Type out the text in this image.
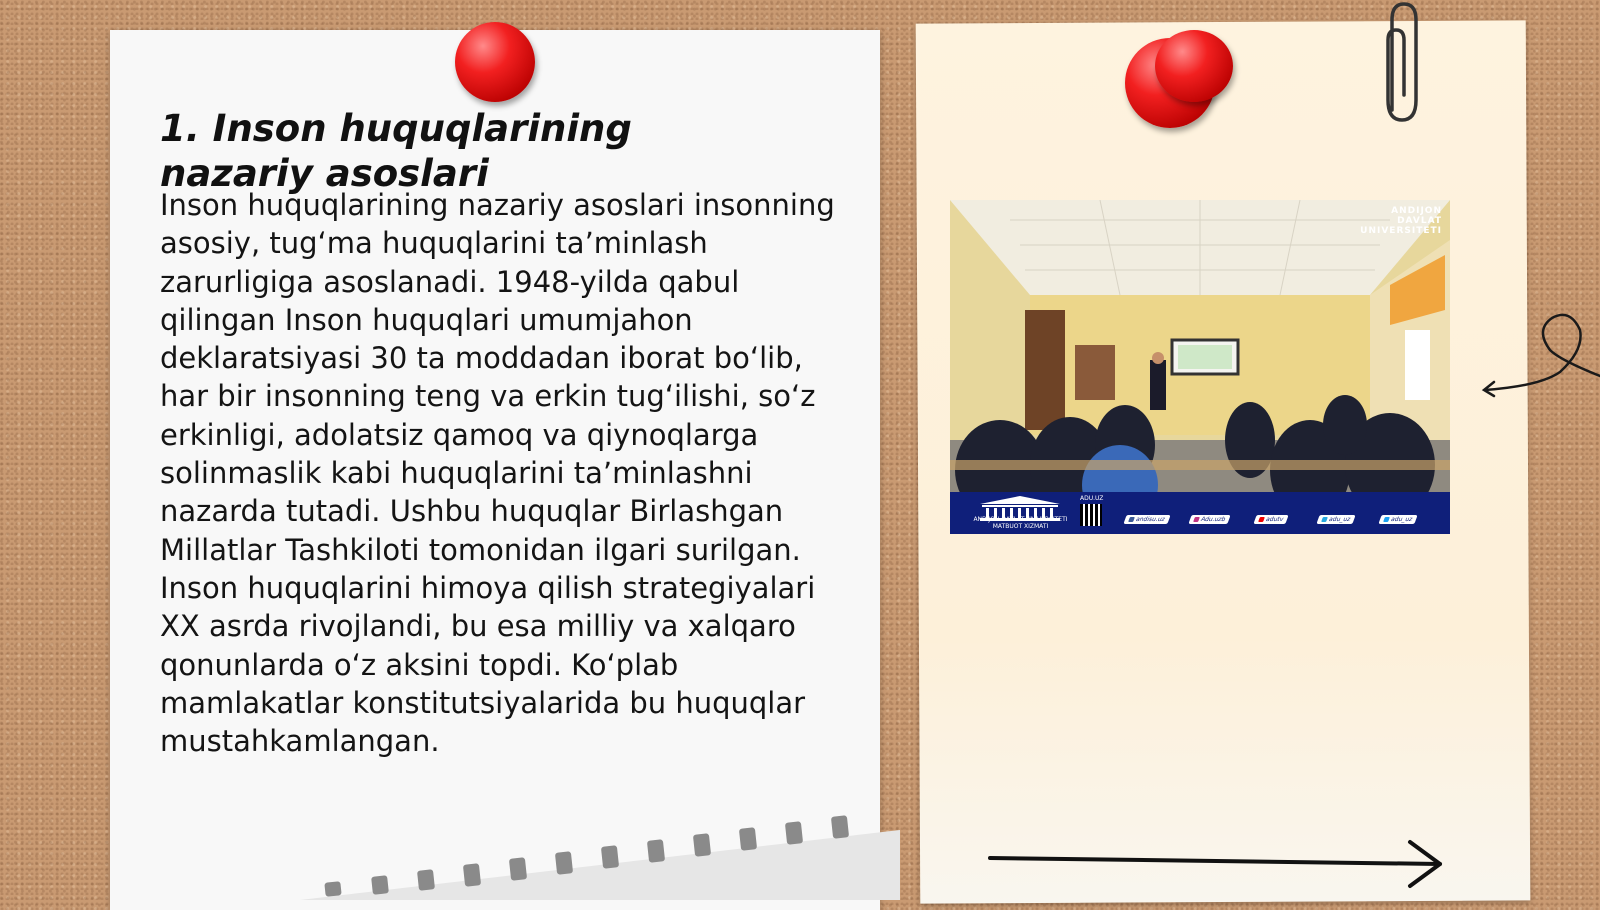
1. Inson huquqlarining nazariy asoslari

Inson huquqlarining nazariy asoslari insonning asosiy, tug‘ma huquqlarini ta’minlash zarurligiga asoslanadi. 1948-yilda qabul qilingan Inson huquqlari umumjahon deklaratsiyasi 30 ta moddadan iborat bo‘lib, har bir insonning teng va erkin tug‘ilishi, so‘z erkinligi, adolatsiz qamoq va qiynoqlarga solinmaslik kabi huquqlarini ta’minlashni nazarda tutadi. Ushbu huquqlar Birlashgan Millatlar Tashkiloti tomonidan ilgari surilgan. Inson huquqlarini himoya qilish strategiyalari XX asrda rivojlandi, bu esa milliy va xalqaro qonunlarda o‘z aksini topdi. Ko‘plab mamlakatlar konstitutsiyalarida bu huquqlar mustahkamlangan.

ANDIJON
DAVLAT
UNIVERSITETI
ANDIJON DAVLAT UNIVERSITETI MATBUOT XIZMATI
ADU.UZ
andisu.uz	Adu.uzb	adutv	adu_uz	adu_uz
